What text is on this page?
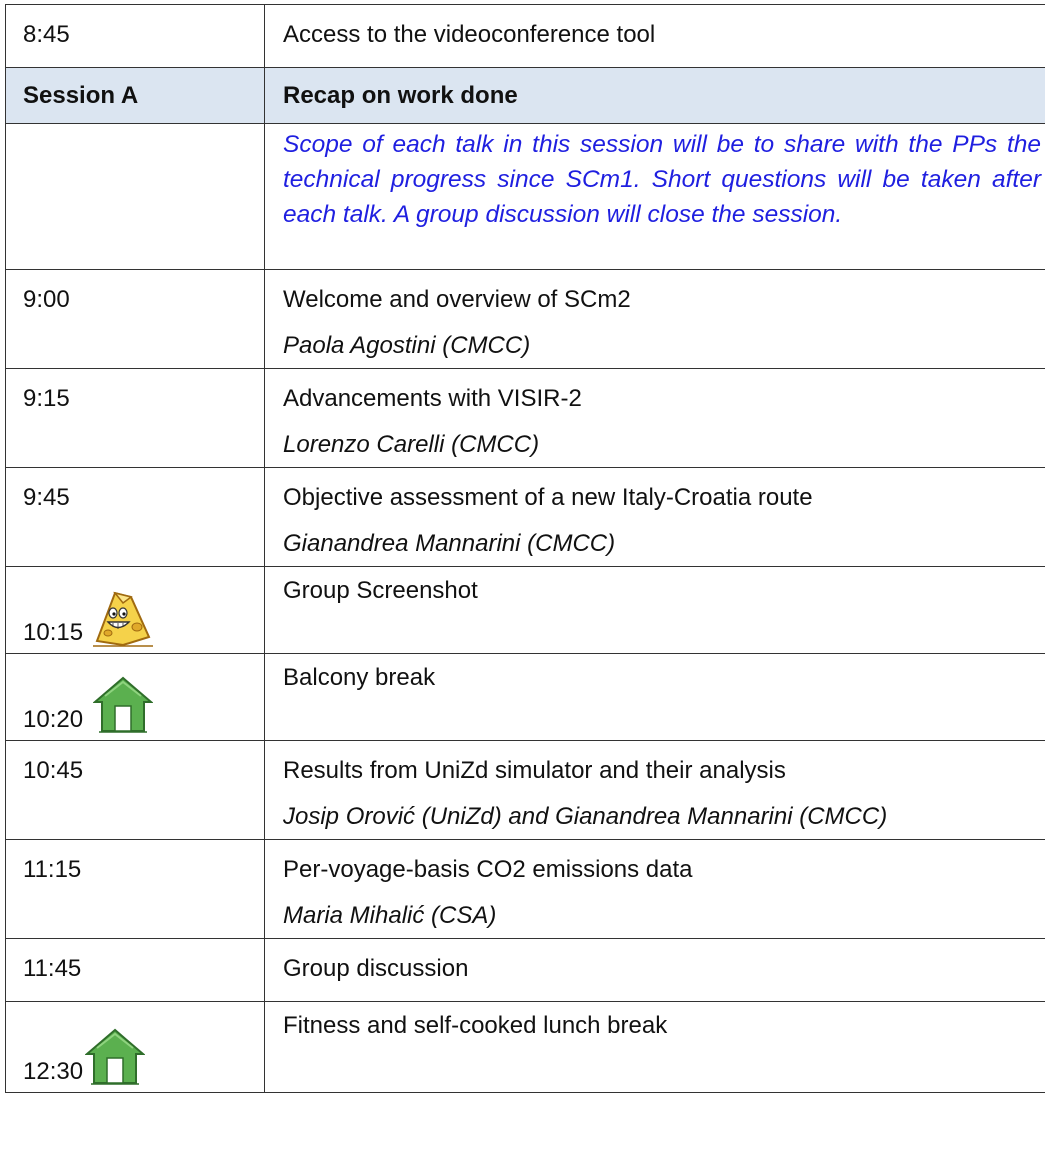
8:45	Access to the videoconference tool

Session A	Recap on work done

	Scope of each talk in this session will be to share with the PPs the technical progress since SCm1. Short questions will be taken after each talk. A group discussion will close the session.

9:00	Welcome and overview of SCm2
Paola Agostini (CMCC)

9:15	Advancements with VISIR-2
Lorenzo Carelli (CMCC)

9:45	Objective assessment of a new Italy-Croatia route
Gianandrea Mannarini (CMCC)

10:15	Group Screenshot

10:20	Balcony break

10:45	Results from UniZd simulator and their analysis
Josip Orović (UniZd) and Gianandrea Mannarini (CMCC)

11:15	Per-voyage-basis CO2 emissions data
Maria Mihalić (CSA)

11:45	Group discussion

12:30	Fitness and self-cooked lunch break
